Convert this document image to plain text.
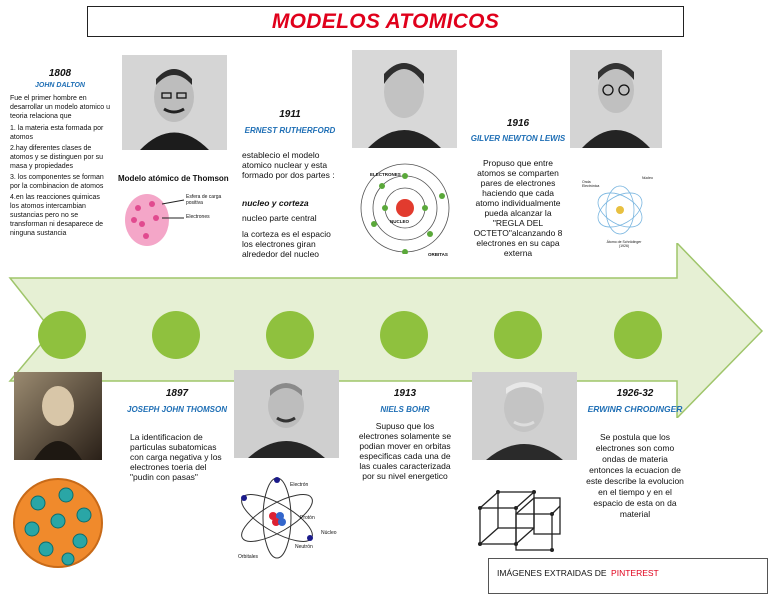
MODELOS ATOMICOS
1808
JOHN DALTON
Fue el primer hombre en desarrollar un modelo atomico u teoria relaciona que
1. la materia esta formada por atomos
2.hay diferentes clases de atomos y se distinguen por su masa y propiedades
3. los componentes se forman por la combinacion de atomos
4.en las reacciones quimicas los atomos intercambian sustancias pero no se transforman ni desaparece de ninguna sustancia
Modelo atómico de Thomson
Esfera de carga positiva
Electrones
1897
JOSEPH JOHN THOMSON
La identificacion de particulas subatomicas con carga negativa y los electrones toeria del "pudin con pasas"
1911
ERNEST RUTHERFORD
establecio el modelo atomico nuclear y esta formado por dos partes :
nucleo y corteza
nucleo parte central
la corteza es el espacio los electrones giran alrededor del nucleo
Electrón
Protón
Neutrón
Núcleo
Orbitales
ELECTRONES
NUCLEO
ORBITAS
1913
NIELS BOHR
Supuso que los electrones solamente se podian mover en orbitas especificas cada una de las cuales caracterizada por su nivel energetico
1916
GILVER NEWTON LEWIS
Propuso que entre atomos se comparten pares de electrones haciendo que cada atomo individualmente pueda alcanzar la "REGLA DEL OCTETO"alcanzando 8 electrones en su capa externa
Onda Electrónica
Núcleo
Átomo de Schrödinger (1926)
1926-32
ERWINR CHRODINGER
Se postula que los electrones son como ondas de materia entonces la ecuacion de este describe la evolucion en el tiempo y en el espacio de esta on da material
IMÁGENES EXTRAIDAS DE PINTEREST
